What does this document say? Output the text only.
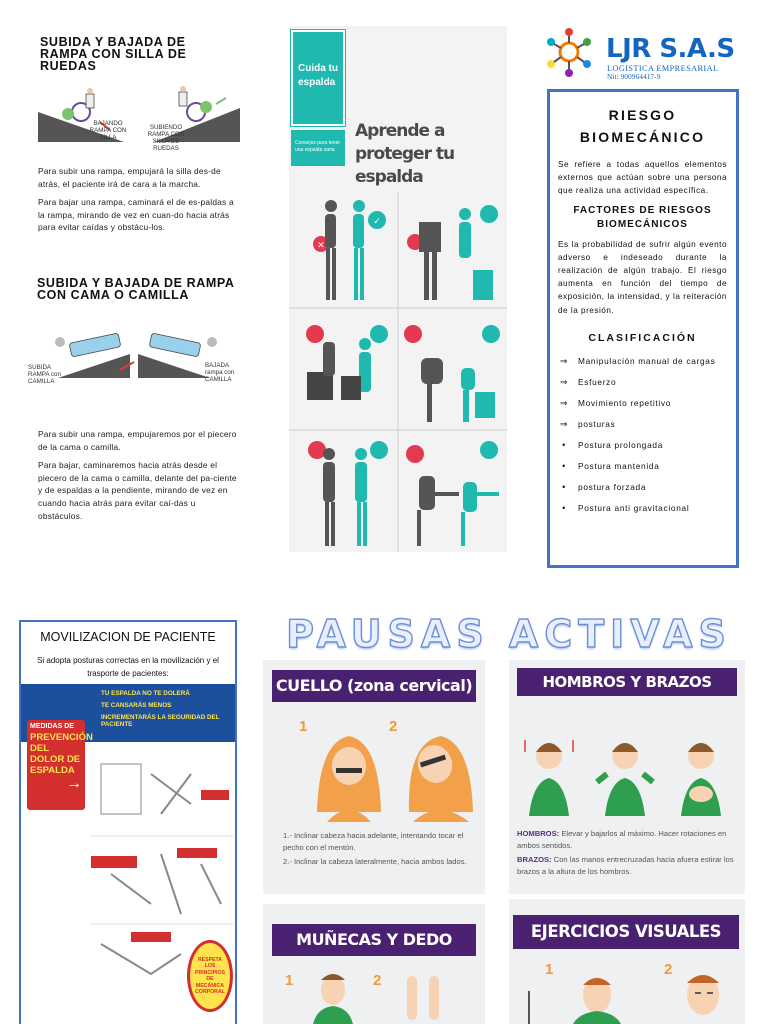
SUBIDA Y BAJADA DE RAMPA CON SILLA DE RUEDAS
BAJANDO RAMPA CON SILLA
SUBIENDO RAMPA CON SILLA DE RUEDAS

Para subir una rampa, empujará la silla des-de atrás, el paciente irá de cara a la marcha.

Para bajar una rampa, caminará el de es-paldas a la rampa, mirando de vez en cuan-do hacia atrás para evitar caídas y obstácu-los.

SUBIDA Y BAJADA DE RAMPA CON CAMA O CAMILLA
SUBIDA RAMPA con CAMILLA
BAJADA rampa con CAMILLA

Para subir una rampa, empujaremos por el piecero de la cama o camilla.

Para bajar, caminaremos hacia atrás desde el piecero de la cama o camilla, delante del pa-ciente y de espaldas a la pendiente, mirando de vez en cuando hacia atrás para evitar caí-das u obstáculos.

Cuida tu espalda
Consejos para tener una espalda sana
Aprende a proteger tu espalda
✕
✓
LJR S.A.S
LOGISTICA EMPRESARIAL
Nit: 900964417-9
RIESGO BIOMECÁNICO
Se refiere a todas aquellos elementos externos que actúan sobre una persona que realiza una actividad específica.
FACTORES DE RIESGOS BIOMECÁNICOS
Es la probabilidad de sufrir algún evento adverso e indeseado durante la realización de algún trabajo. El riesgo aumenta en función del tiempo de exposición, la intensidad, y la reiteración de la presión.
CLASIFICACIÓN
⇒ Manipulación manual de cargas
⇒ Esfuerzo
⇒ Movimiento repetitivo
⇒ posturas
•	Postura prolongada
•	Postura mantenida
•	postura forzada
•	Postura anti gravitacional
MOVILIZACION DE PACIENTE
Si adopta posturas correctas en la movilización y el trasporte de pacientes:
TU ESPALDA NO TE DOLERÁ
TE CANSARÁS MENOS
INCREMENTARÁS LA SEGURIDAD DEL PACIENTE
MEDIDAS DE
PREVENCIÓN DEL DOLOR DE ESPALDA
→
RESPETA LOS PRINCIPIOS DE MECÁNICA CORPORAL
PAUSAS ACTIVAS
CUELLO (zona cervical)
1	2
1.- Inclinar cabeza hacia adelante, intentando tocar el pecho con el mentón.
2.- Inclinar la cabeza lateralmente, hacia ambos lados.
HOMBROS Y BRAZOS
HOMBROS: Elevar y bajarlos al máximo. Hacer rotaciones en ambos sentidos.
BRAZOS: Con las manos entrecruzadas hacia afuera estirar los brazos a la altura de los hombros.
MUÑECAS Y DEDO
1	2
EJERCICIOS VISUALES
1	2
